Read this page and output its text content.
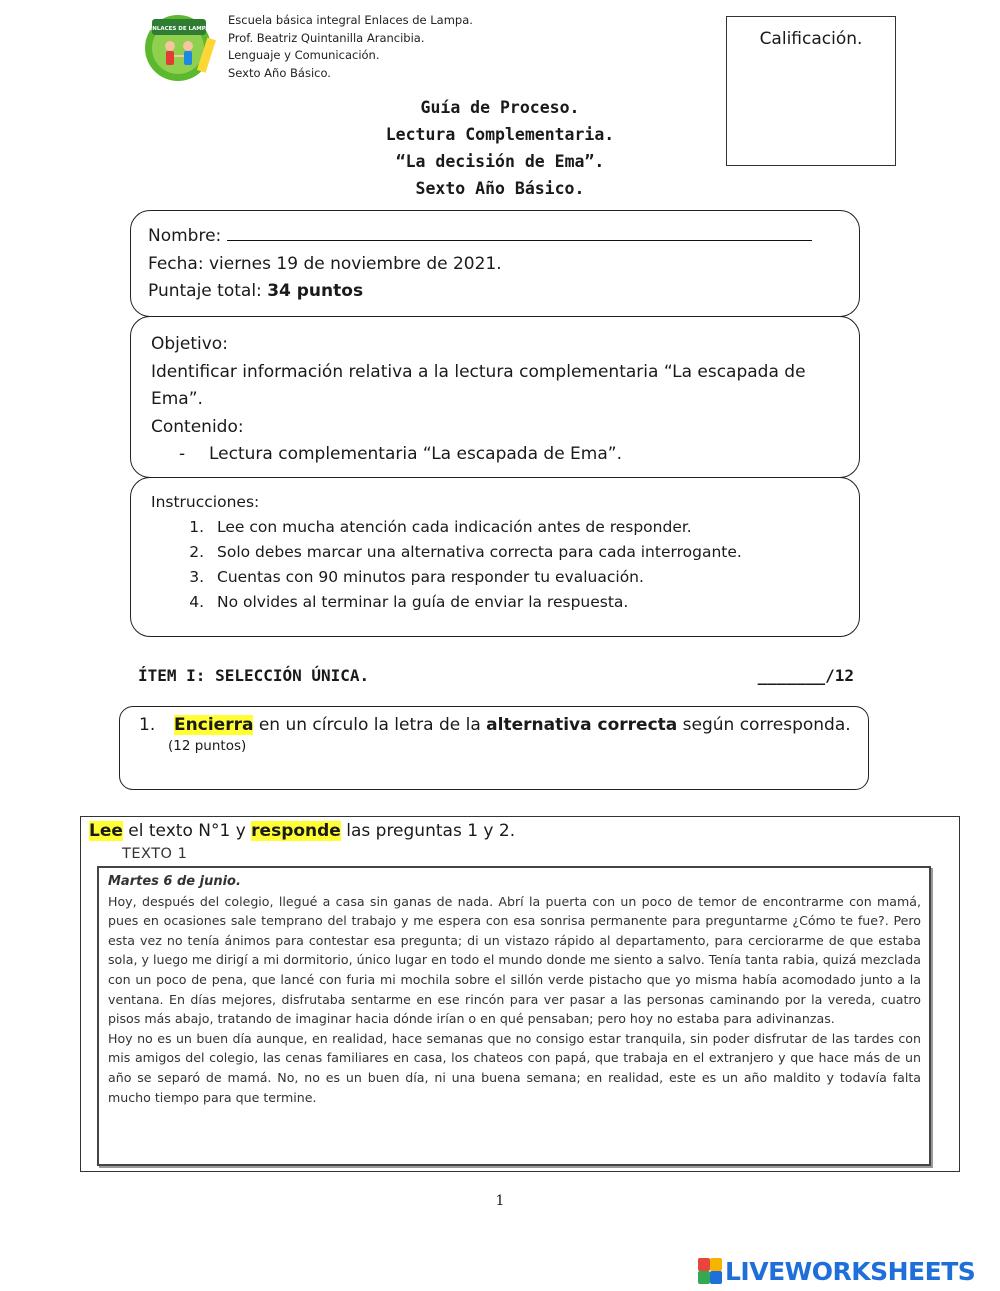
ENLACES DE LAMPA
Escuela básica integral Enlaces de Lampa.
Prof. Beatriz Quintanilla Arancibia.
Lenguaje y Comunicación.
Sexto Año Básico.
Calificación.
Guía de Proceso.
Lectura Complementaria.
“La decisión de Ema”.
Sexto Año Básico.
Nombre:
Fecha: viernes 19 de noviembre de 2021.
Puntaje total: 34 puntos
Objetivo:
Identificar información relativa a la lectura complementaria “La escapada de Ema”.
Contenido:
- Lectura complementaria “La escapada de Ema”.
Instrucciones:
1. Lee con mucha atención cada indicación antes de responder.
2. Solo debes marcar una alternativa correcta para cada interrogante.
3. Cuentas con 90 minutos para responder tu evaluación.
4. No olvides al terminar la guía de enviar la respuesta.
ÍTEM I: SELECCIÓN ÚNICA.	_______/12
1. Encierra en un círculo la letra de la alternativa correcta según corresponda.
(12 puntos)
Lee el texto N°1 y responde las preguntas 1 y 2.
TEXTO 1

Martes 6 de junio.

Hoy, después del colegio, llegué a casa sin ganas de nada. Abrí la puerta con un poco de temor de encontrarme con mamá, pues en ocasiones sale temprano del trabajo y me espera con esa sonrisa permanente para preguntarme ¿Cómo te fue?. Pero esta vez no tenía ánimos para contestar esa pregunta; di un vistazo rápido al departamento, para cerciorarme de que estaba sola, y luego me dirigí a mi dormitorio, único lugar en todo el mundo donde me siento a salvo. Tenía tanta rabia, quizá mezclada con un poco de pena, que lancé con furia mi mochila sobre el sillón verde pistacho que yo misma había acomodado junto a la ventana. En días mejores, disfrutaba sentarme en ese rincón para ver pasar a las personas caminando por la vereda, cuatro pisos más abajo, tratando de imaginar hacia dónde irían o en qué pensaban; pero hoy no estaba para adivinanzas.

Hoy no es un buen día aunque, en realidad, hace semanas que no consigo estar tranquila, sin poder disfrutar de las tardes con mis amigos del colegio, las cenas familiares en casa, los chateos con papá, que trabaja en el extranjero y que hace más de un año se separó de mamá. No, no es un buen día, ni una buena semana; en realidad, este es un año maldito y todavía falta mucho tiempo para que termine.

1
LIVEWORKSHEETS
